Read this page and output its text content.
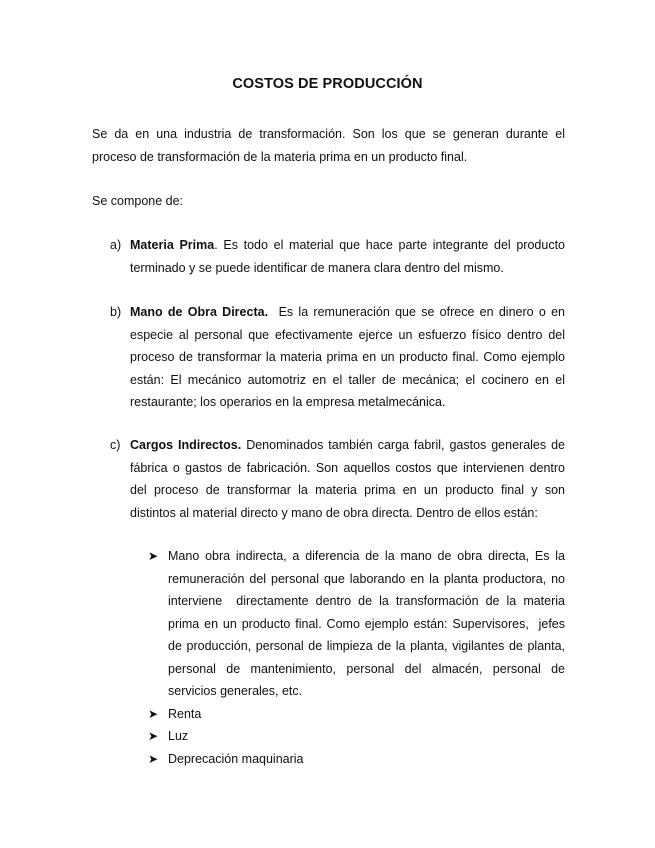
COSTOS DE PRODUCCIÓN
Se da en una industria de transformación. Son los que se generan durante el proceso de transformación de la materia prima en un producto final.
Se compone de:
a) Materia Prima. Es todo el material que hace parte integrante del producto terminado y se puede identificar de manera clara dentro del mismo.
b) Mano de Obra Directa.  Es la remuneración que se ofrece en dinero o en especie al personal que efectivamente ejerce un esfuerzo físico dentro del proceso de transformar la materia prima en un producto final. Como ejemplo están: El mecánico automotriz en el taller de mecánica; el cocinero en el restaurante; los operarios en la empresa metalmecánica.
c) Cargos Indirectos. Denominados también carga fabril, gastos generales de fábrica o gastos de fabricación. Son aquellos costos que intervienen dentro del proceso de transformar la materia prima en un producto final y son distintos al material directo y mano de obra directa. Dentro de ellos están:
➤ Mano obra indirecta, a diferencia de la mano de obra directa, Es la remuneración del personal que laborando en la planta productora, no interviene  directamente dentro de la transformación de la materia prima en un producto final. Como ejemplo están: Supervisores,  jefes de producción, personal de limpieza de la planta, vigilantes de planta, personal de mantenimiento, personal del almacén, personal de servicios generales, etc.
➤ Renta
➤ Luz
➤ Deprecación maquinaria
